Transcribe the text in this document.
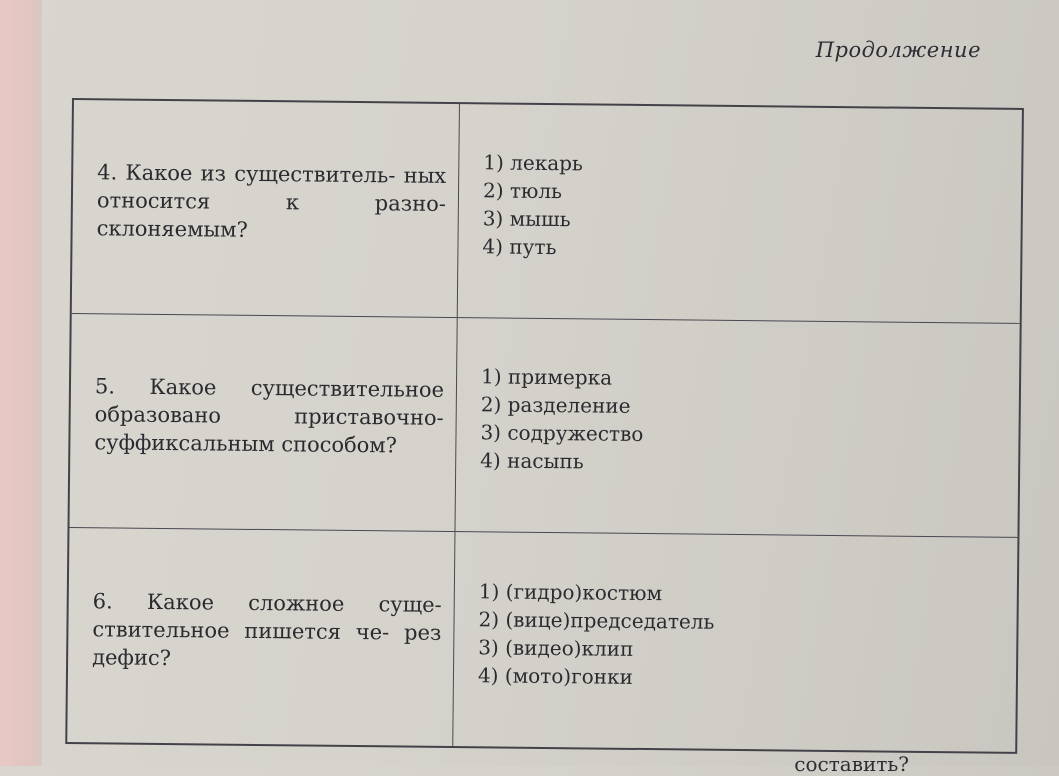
Продолжение
4. Какое из существитель- ных относится к разно- склоняемым?
1) лекарь
2) тюль
3) мышь
4) путь
5. Какое существительное образовано приставочно- суффиксальным способом?
1) примерка
2) разделение
3) содружество
4) насыпь
6. Какое сложное суще- ствительное пишется че- рез дефис?
1) (гидро)костюм
2) (вице)председатель
3) (видео)клип
4) (мото)гонки
составить?
